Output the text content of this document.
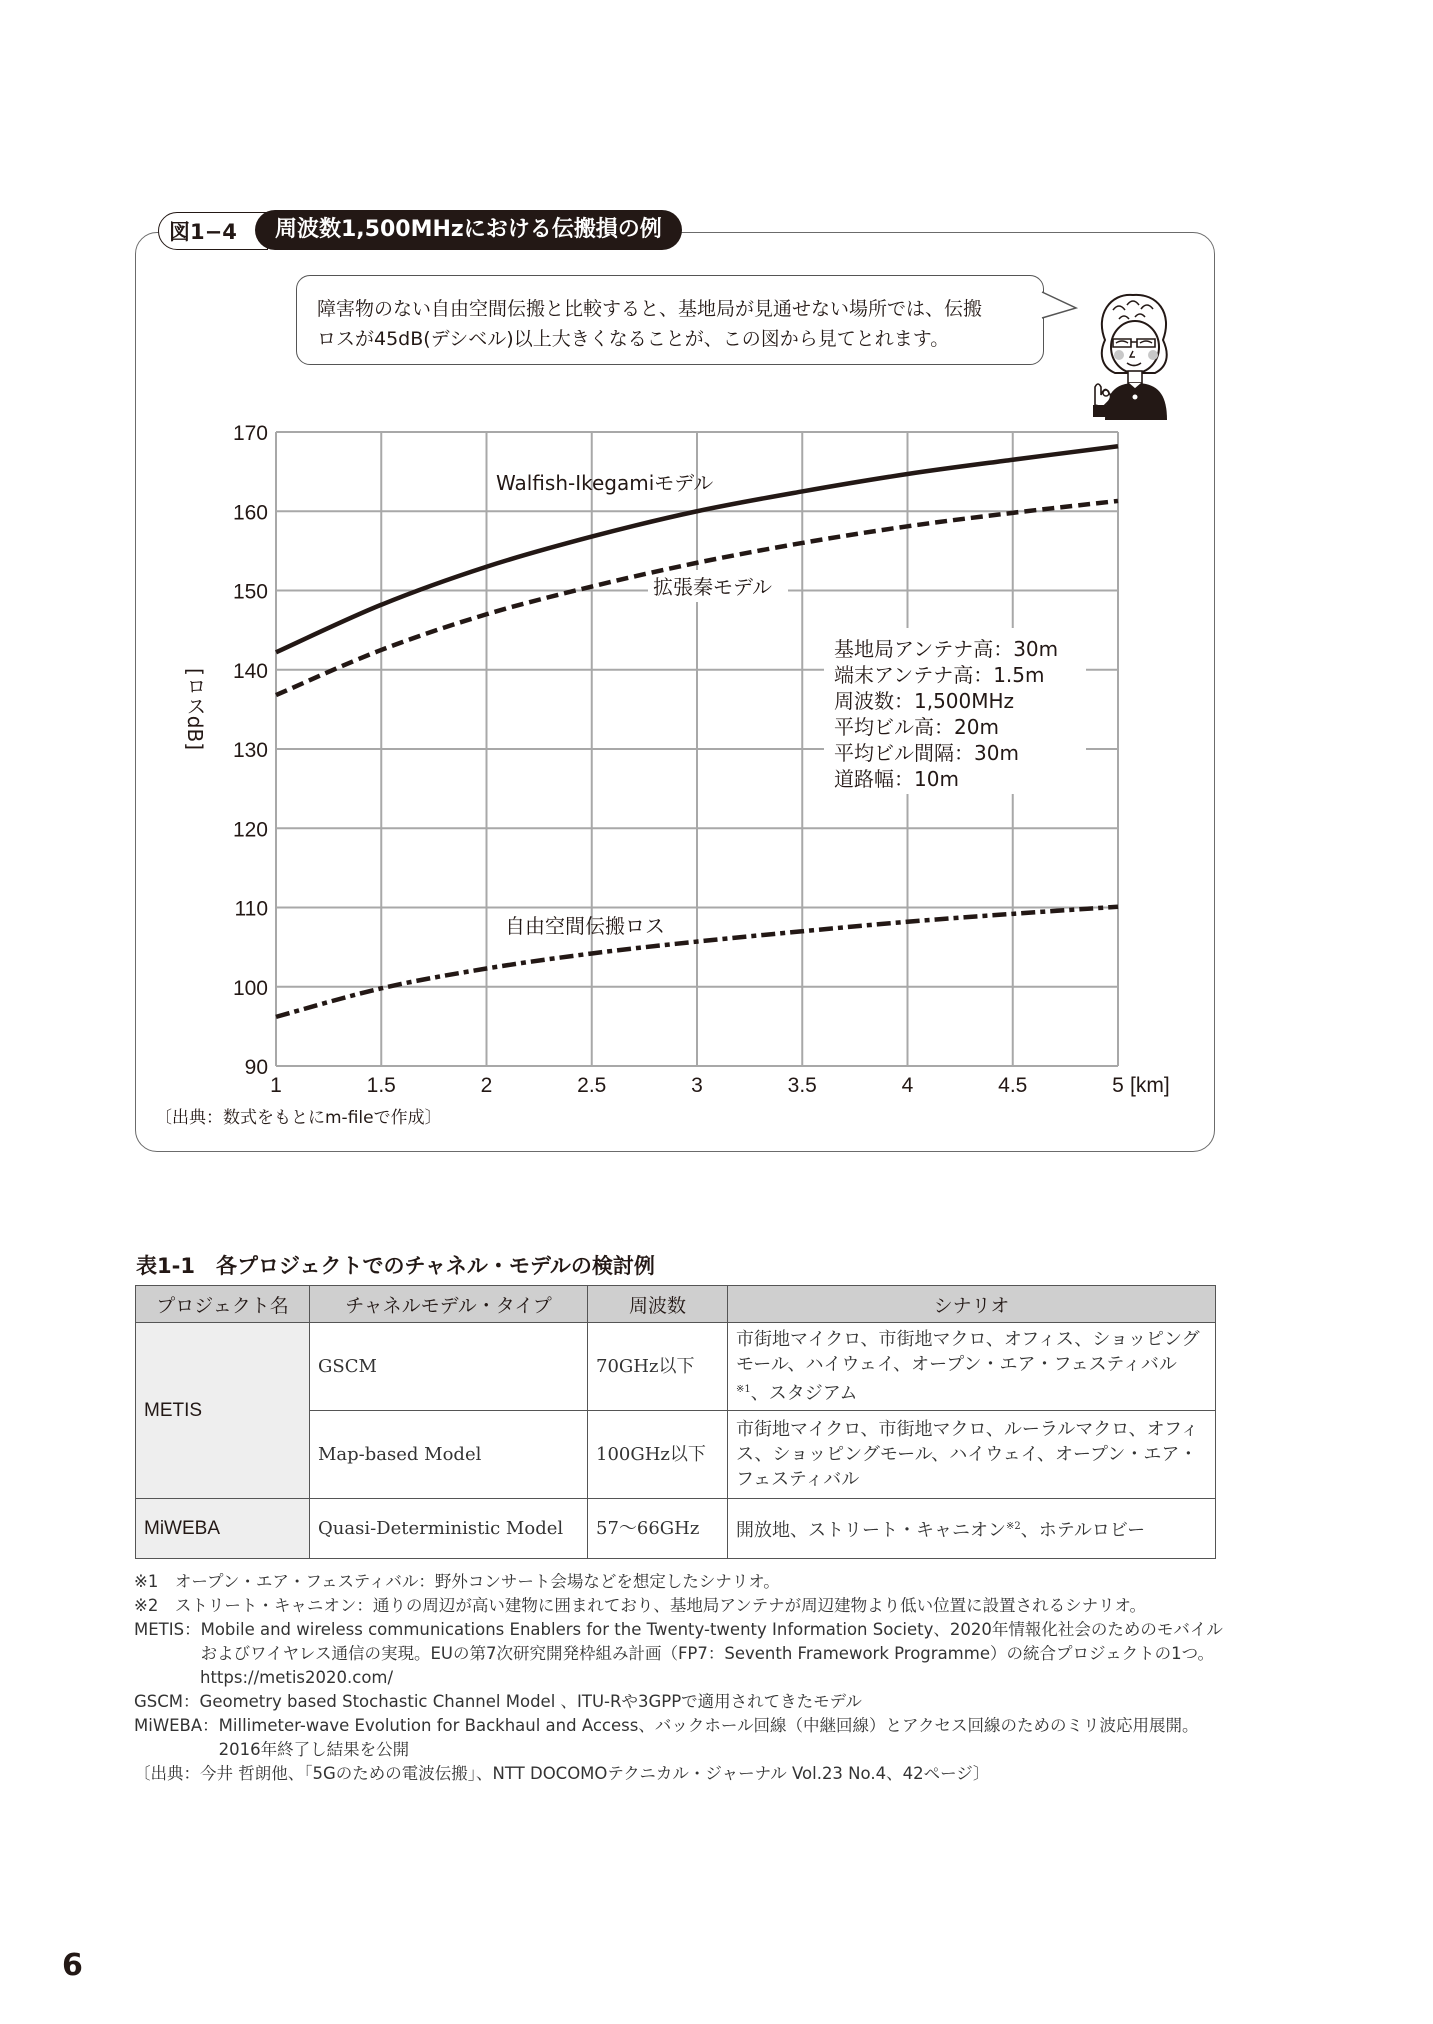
図1−4	周波数1,500MHzにおける伝搬損の例
障害物のない自由空間伝搬と比較すると、基地局が見通せない場所では、伝搬
ロスが45dB(デシベル)以上大きくなることが、この図から見てとれます。
90
100
110
120
130
140
150
160
170
1	1.5	2	2.5	3	3.5	4	4.5	5 [km]
Walfish-Ikegamiモデル
拡張秦モデル
自由空間伝搬ロス
基地局アンテナ高：30m
端末アンテナ高：1.5m
周波数：1,500MHz
平均ビル高：20m
平均ビル間隔：30m
道路幅：10m
[ロスdB]
〔出典：数式をもとにm-fileで作成〕
表1-1　各プロジェクトでのチャネル・モデルの検討例
プロジェクト名	チャネルモデル・タイプ	周波数	シナリオ
METIS	GSCM	70GHz以下	市街地マイクロ、市街地マクロ、オフィス、ショッピングモール、ハイウェイ、オープン・エア・フェスティバル$^{※1}$、スタジアム
	Map-based Model	100GHz以下	市街地マイクロ、市街地マクロ、ルーラルマクロ、オフィス、ショッピングモール、ハイウェイ、オープン・エア・フェスティバル
MiWEBA	Quasi-Deterministic Model	57〜66GHz	開放地、ストリート・キャニオン$^{※2}$、ホテルロビー
※1　 オープン・エア・フェスティバル：野外コンサート会場などを想定したシナリオ。
※2　 ストリート・キャニオン：通りの周辺が高い建物に囲まれており、基地局アンテナが周辺建物より低い位置に設置されるシナリオ。
METIS： Mobile and wireless communications Enablers for the Twenty-twenty Information Society、2020年情報化社会のためのモバイルおよびワイヤレス通信の実現。EUの第7次研究開発枠組み計画（FP7：Seventh Framework Programme）の統合プロジェクトの1つ。

https://metis2020.com/
GSCM： Geometry based Stochastic Channel Model 、ITU-Rや3GPPで適用されてきたモデル
MiWEBA： Millimeter-wave Evolution for Backhaul and Access、バックホール回線（中継回線）とアクセス回線のためのミリ波応用展開。2016年終了し結果を公開
〔出典：今井 哲朗他、「5Gのための電波伝搬」、NTT DOCOMOテクニカル・ジャーナル Vol.23 No.4、42ページ〕
6
